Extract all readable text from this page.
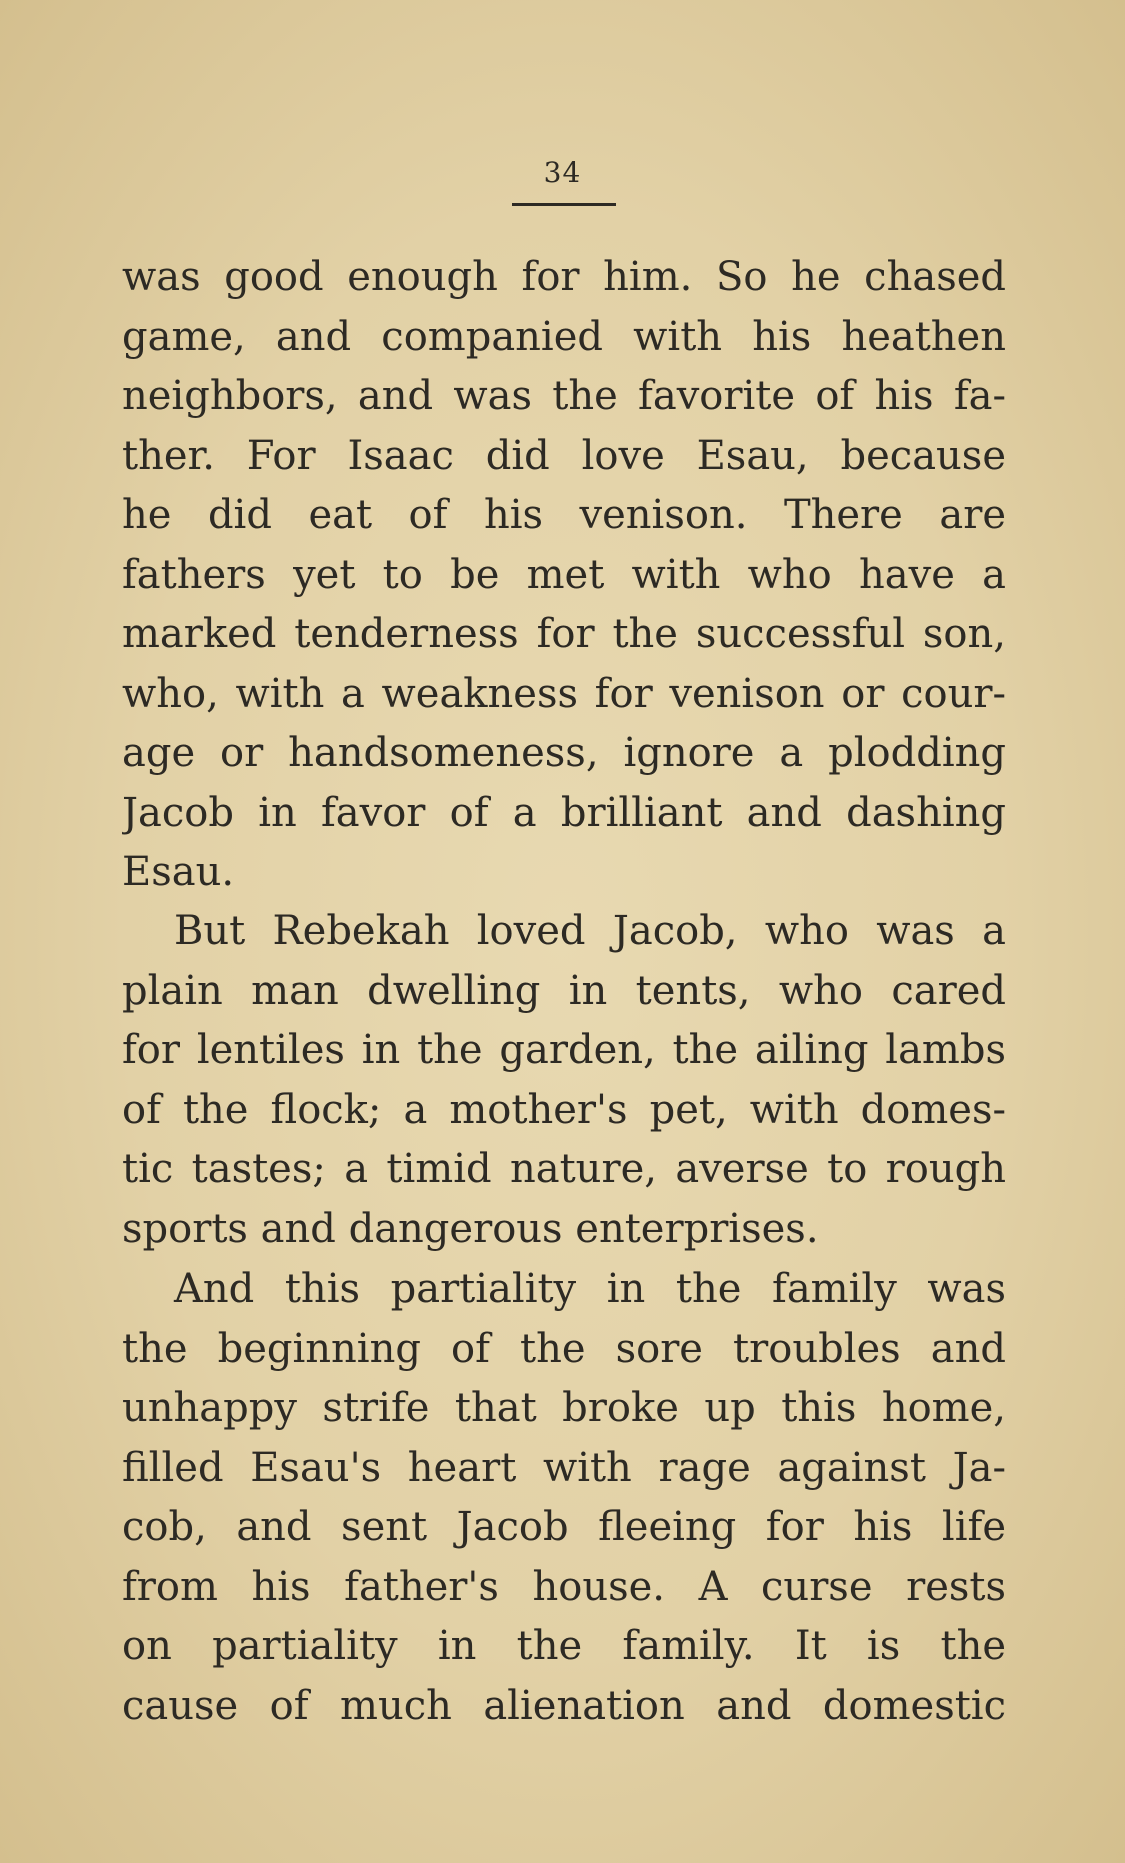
34
was good enough for him. So he chased
game, and companied with his heathen
neighbors, and was the favorite of his fa-
ther. For Isaac did love Esau, because
he did eat of his venison. There are
fathers yet to be met with who have a
marked tenderness for the successful son,
who, with a weakness for venison or cour-
age or handsomeness, ignore a plodding
Jacob in favor of a brilliant and dashing
Esau.
But Rebekah loved Jacob, who was a
plain man dwelling in tents, who cared
for lentiles in the garden, the ailing lambs
of the flock; a mother's pet, with domes-
tic tastes; a timid nature, averse to rough
sports and dangerous enterprises.
And this partiality in the family was
the beginning of the sore troubles and
unhappy strife that broke up this home,
filled Esau's heart with rage against Ja-
cob, and sent Jacob fleeing for his life
from his father's house. A curse rests
on partiality in the family. It is the
cause of much alienation and domestic
